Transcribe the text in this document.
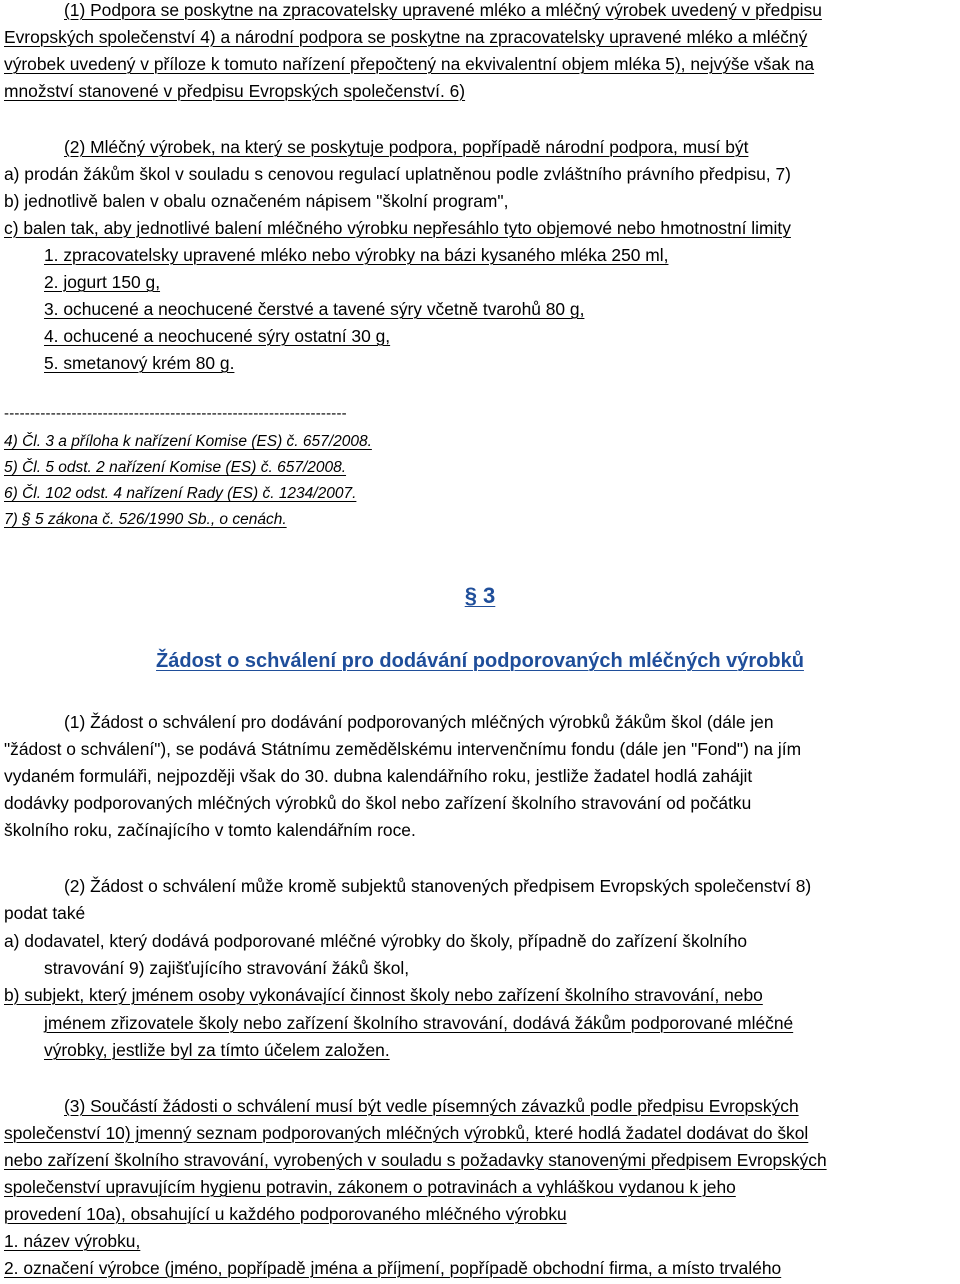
(1) Podpora se poskytne na zpracovatelsky upravené mléko a mléčný výrobek uvedený v předpisu
Evropských společenství 4) a národní podpora se poskytne na zpracovatelsky upravené mléko a mléčný
výrobek uvedený v příloze k tomuto nařízení přepočtený na ekvivalentní objem mléka 5), nejvýše však na
množství stanovené v předpisu Evropských společenství. 6)
(2) Mléčný výrobek, na který se poskytuje podpora, popřípadě národní podpora, musí být
a) prodán žákům škol v souladu s cenovou regulací uplatněnou podle zvláštního právního předpisu, 7)
b) jednotlivě balen v obalu označeném nápisem "školní program",
c) balen tak, aby jednotlivé balení mléčného výrobku nepřesáhlo tyto objemové nebo hmotnostní limity
1. zpracovatelsky upravené mléko nebo výrobky na bázi kysaného mléka 250 ml,
2. jogurt 150 g,
3. ochucené a neochucené čerstvé a tavené sýry včetně tvarohů 80 g,
4. ochucené a neochucené sýry ostatní 30 g,
5. smetanový krém 80 g.
------------------------------------------------------------------
4) Čl. 3 a příloha k nařízení Komise (ES) č. 657/2008.
5) Čl. 5 odst. 2 nařízení Komise (ES) č. 657/2008.
6) Čl. 102 odst. 4 nařízení Rady (ES) č. 1234/2007.
7) § 5 zákona č. 526/1990 Sb., o cenách.
§ 3
Žádost o schválení pro dodávání podporovaných mléčných výrobků
(1) Žádost o schválení pro dodávání podporovaných mléčných výrobků žákům škol (dále jen
"žádost o schválení"), se podává Státnímu zemědělskému intervenčnímu fondu (dále jen "Fond") na jím
vydaném formuláři, nejpozději však do 30. dubna kalendářního roku, jestliže žadatel hodlá zahájit
dodávky podporovaných mléčných výrobků do škol nebo zařízení školního stravování od počátku
školního roku, začínajícího v tomto kalendářním roce.
(2) Žádost o schválení může kromě subjektů stanovených předpisem Evropských společenství 8)
podat také
a) dodavatel, který dodává podporované mléčné výrobky do školy, případně do zařízení školního
stravování 9) zajišťujícího stravování žáků škol,
b) subjekt, který jménem osoby vykonávající činnost školy nebo zařízení školního stravování, nebo
jménem zřizovatele školy nebo zařízení školního stravování, dodává žákům podporované mléčné
výrobky, jestliže byl za tímto účelem založen.
(3) Součástí žádosti o schválení musí být vedle písemných závazků podle předpisu Evropských
společenství 10) jmenný seznam podporovaných mléčných výrobků, které hodlá žadatel dodávat do škol
nebo zařízení školního stravování, vyrobených v souladu s požadavky stanovenými předpisem Evropských
společenství upravujícím hygienu potravin, zákonem o potravinách a vyhláškou vydanou k jeho
provedení 10a), obsahující u každého podporovaného mléčného výrobku
1. název výrobku,
2. označení výrobce (jméno, popřípadě jména a příjmení, popřípadě obchodní firma, a místo trvalého
